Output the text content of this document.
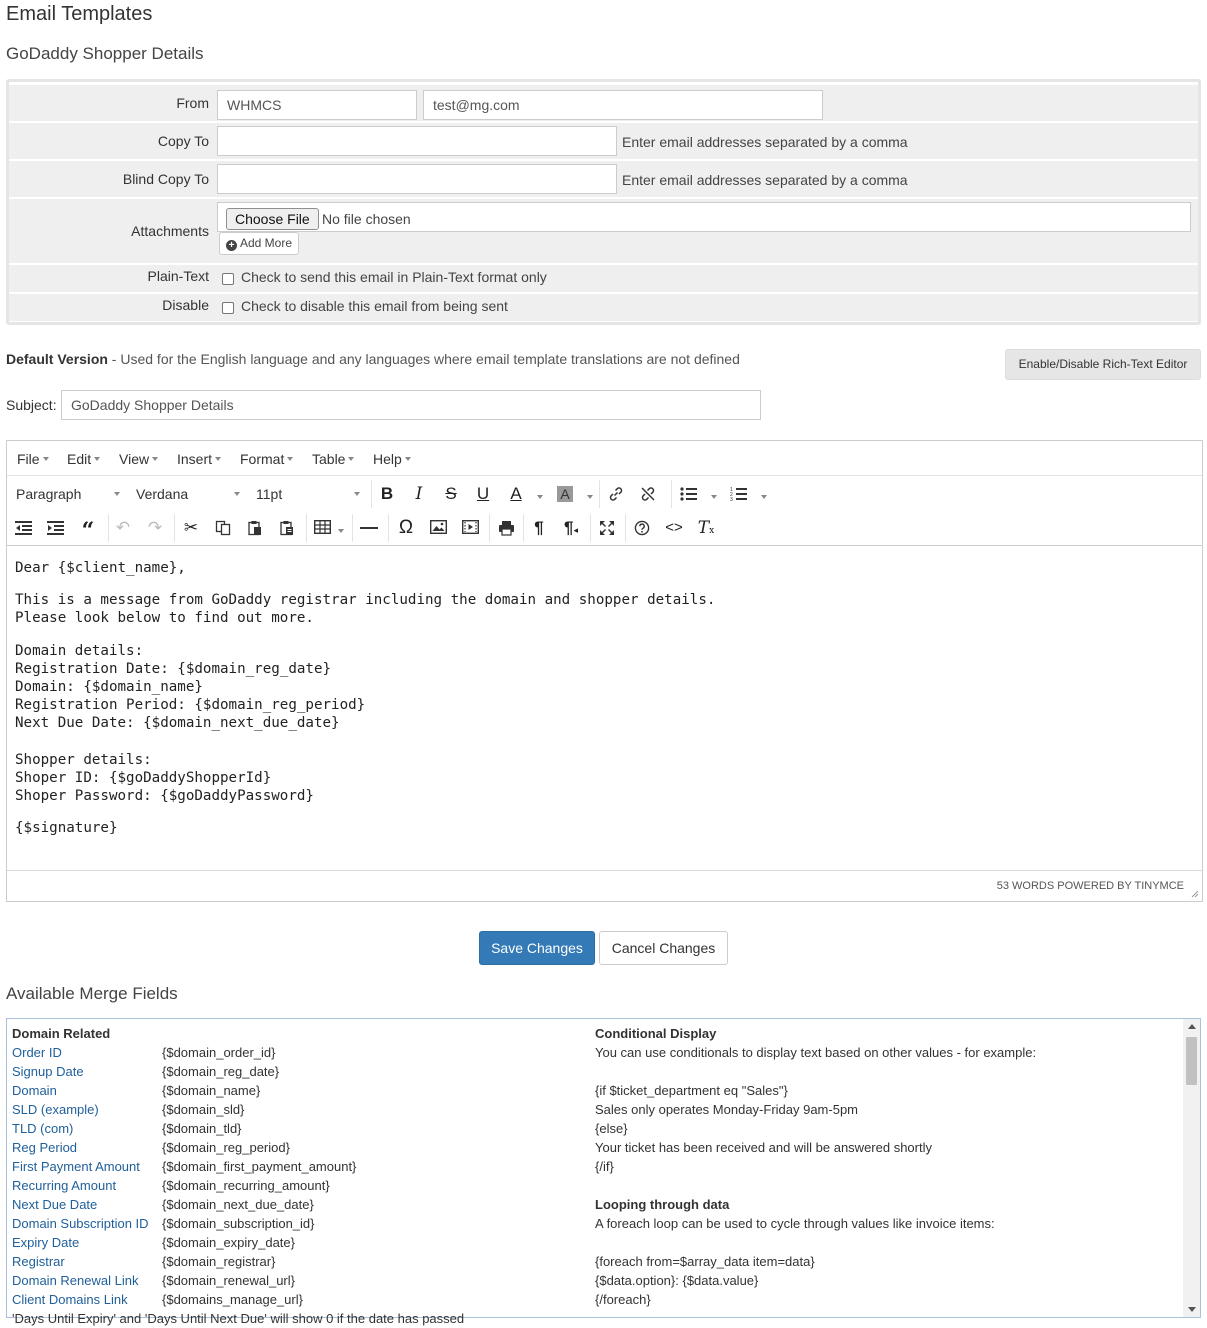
Email Templates
GoDaddy Shopper Details
From	WHMCS	test@mg.com
Copy To	Enter email addresses separated by a comma
Blind Copy To	Enter email addresses separated by a comma
Attachments
Choose File No file chosen
+ Add More
Plain-Text Check to send this email in Plain-Text format only
Disable Check to disable this email from being sent
Default Version - Used for the English language and any languages where email template translations are not defined	Enable/Disable Rich-Text Editor
Subject:	GoDaddy Shopper Details
File	Edit	View	Insert	Format	Table	Help
Paragraph	Verdana	11pt	B	I	S	U	A	A	1
2
3
“	↶ ↷ ✂	Ω	¶	¶◂	<> Tx
Dear {$client_name},
This is a message from GoDaddy registrar including the domain and shopper details.
Please look below to find out more.
Domain details:
Registration Date: {$domain_reg_date}
Domain: {$domain_name}
Registration Period: {$domain_reg_period}
Next Due Date: {$domain_next_due_date}
Shopper details:
Shoper ID: {$goDaddyShopperId}
Shoper Password: {$goDaddyPassword}
{$signature}
53 WORDS POWERED BY TINYMCE
Save Changes	Cancel Changes
Available Merge Fields
Domain Related
Order ID	{$domain_order_id}
Signup Date	{$domain_reg_date}
Domain	{$domain_name}
SLD (example)	{$domain_sld}
TLD (com)	{$domain_tld}
Reg Period	{$domain_reg_period}
First Payment Amount {$domain_first_payment_amount}
Recurring Amount	{$domain_recurring_amount}
Next Due Date	{$domain_next_due_date}
Domain Subscription ID {$domain_subscription_id}
Expiry Date	{$domain_expiry_date}
Registrar	{$domain_registrar}
Domain Renewal Link {$domain_renewal_url}
Client Domains Link	{$domains_manage_url}
'Days Until Expiry' and 'Days Until Next Due' will show 0 if the date has passed
Conditional Display
You can use conditionals to display text based on other values - for example:
{if $ticket_department eq "Sales"}
Sales only operates Monday-Friday 9am-5pm
{else}
Your ticket has been received and will be answered shortly
{/if}
Looping through data
A foreach loop can be used to cycle through values like invoice items:
{foreach from=$array_data item=data}
{$data.option}: {$data.value}
{/foreach}
